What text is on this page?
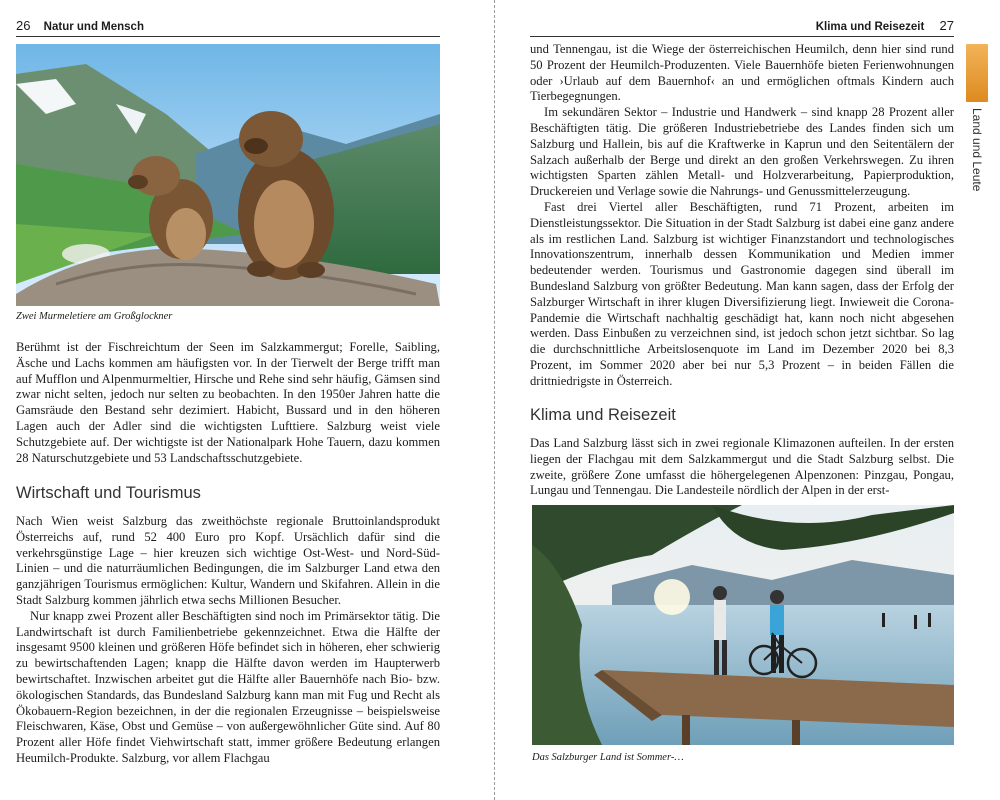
26 Natur und Mensch
Zwei Murmeletiere am Großglockner

Berühmt ist der Fischreichtum der Seen im Salzkammergut; Forelle, Saibling, Äsche und Lachs kommen am häufigsten vor. In der Tierwelt der Berge trifft man auf Mufflon und Alpenmurmeltier, Hirsche und Rehe sind sehr häufig, Gämsen sind zwar nicht selten, jedoch nur selten zu beobachten. In den 1950er Jahren hatte die Gamsräude den Bestand sehr dezimiert. Habicht, Bussard und in den höheren Lagen auch der Adler sind die wichtigsten Lufttiere. Salzburg weist viele Schutzgebiete auf. Der wichtigste ist der Nationalpark Hohe Tauern, dazu kommen 28 Naturschutzgebiete und 53 Landschaftsschutzgebiete.

Wirtschaft und Tourismus

Nach Wien weist Salzburg das zweithöchste regionale Bruttoinlandsprodukt Österreichs auf, rund 52 400 Euro pro Kopf. Ursächlich dafür sind die verkehrsgünstige Lage – hier kreuzen sich wichtige Ost-West- und Nord-Süd-Linien – und die naturräumlichen Bedingungen, die im Salzburger Land etwa den ganzjährigen Tourismus ermöglichen: Kultur, Wandern und Skifahren. Allein in die Stadt Salzburg kommen jährlich etwa sechs Millionen Besucher.

Nur knapp zwei Prozent aller Beschäftigten sind noch im Primärsektor tätig. Die Landwirtschaft ist durch Familienbetriebe gekennzeichnet. Etwa die Hälfte der insgesamt 9500 kleinen und größeren Höfe befindet sich in höheren, eher schwierig zu bewirtschaftenden Lagen; knapp die Hälfte davon werden im Haupterwerb bewirtschaftet. Inzwischen arbeitet gut die Hälfte aller Bauernhöfe nach Bio- bzw. ökologischen Standards, das Bundesland Salzburg kann man mit Fug und Recht als Ökobauern-Region bezeichnen, in der die regionalen Erzeugnisse – beispielsweise Fleischwaren, Käse, Obst und Gemüse – von außergewöhnlicher Güte sind. Auf 80 Prozent aller Höfe findet Viehwirtschaft statt, immer größere Bedeutung erlangen Heumilch-Produkte. Salzburg, vor allem Flachgau

Klima und Reisezeit 27
Land und Leute

und Tennengau, ist die Wiege der österreichischen Heumilch, denn hier sind rund 50 Prozent der Heumilch-Produzenten. Viele Bauernhöfe bieten Ferienwohnungen oder ›Urlaub auf dem Bauernhof‹ an und ermöglichen oftmals Kindern auch Tierbegegnungen.

Im sekundären Sektor – Industrie und Handwerk – sind knapp 28 Prozent aller Beschäftigten tätig. Die größeren Industriebetriebe des Landes finden sich um Salzburg und Hallein, bis auf die Kraftwerke in Kaprun und den Seitentälern der Salzach außerhalb der Berge und direkt an den großen Verkehrswegen. Zu ihren wichtigsten Sparten zählen Metall- und Holzverarbeitung, Papierproduktion, Druckereien und Verlage sowie die Nahrungs- und Genussmittelerzeugung.

Fast drei Viertel aller Beschäftigten, rund 71 Prozent, arbeiten im Dienstleistungssektor. Die Situation in der Stadt Salzburg ist dabei eine ganz andere als im restlichen Land. Salzburg ist wichtiger Finanzstandort und technologisches Innovationszentrum, innerhalb dessen Kommunikation und Medien immer bedeutender werden. Tourismus und Gastronomie dagegen sind überall im Bundesland Salzburg von größter Bedeutung. Man kann sagen, dass der Erfolg der Salzburger Wirtschaft in ihrer klugen Diversifizierung liegt. Inwieweit die Corona-Pandemie die Wirtschaft nachhaltig geschädigt hat, kann noch nicht abgesehen werden. Dass Einbußen zu verzeichnen sind, ist jedoch schon jetzt sichtbar. So lag die durchschnittliche Arbeitslosenquote im Land im Dezember 2020 bei 8,3 Prozent, im Sommer 2020 aber bei nur 5,3 Prozent – in beiden Fällen die drittniedrigste in Österreich.

Klima und Reisezeit

Das Land Salzburg lässt sich in zwei regionale Klimazonen aufteilen. In der ersten liegen der Flachgau mit dem Salzkammergut und die Stadt Salzburg selbst. Die zweite, größere Zone umfasst die höhergelegenen Alpenzonen: Pinzgau, Pongau, Lungau und Tennengau. Die Landesteile nördlich der Alpen in der erst-

Das Salzburger Land ist Sommer-…
